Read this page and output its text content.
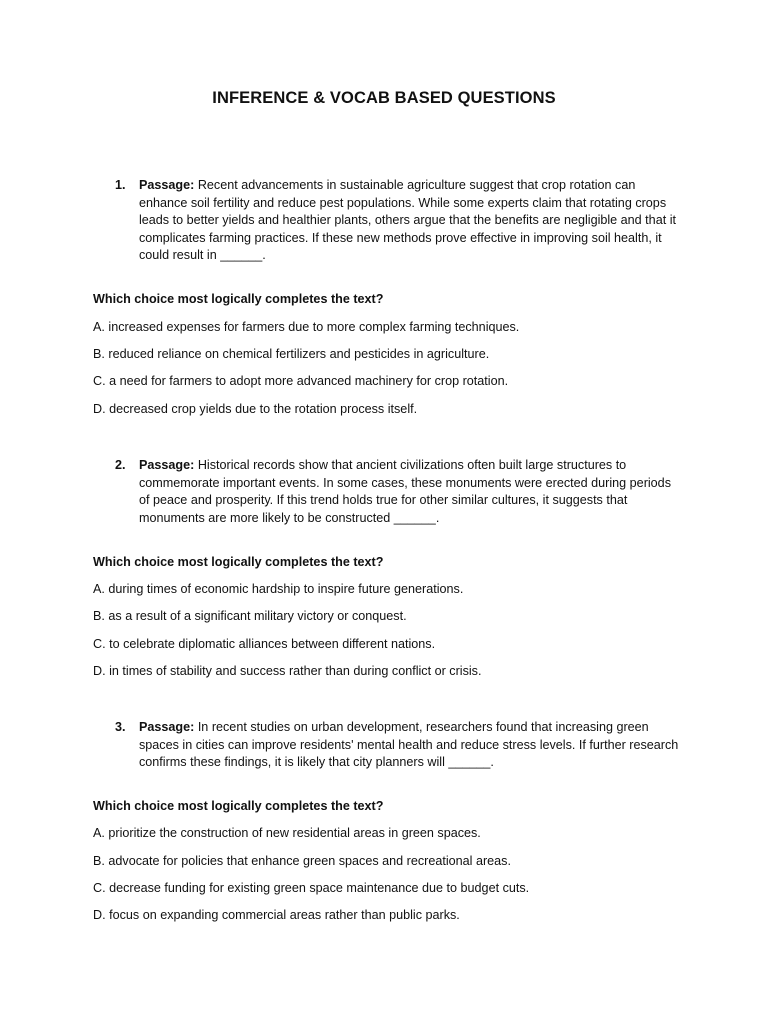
INFERENCE & VOCAB BASED QUESTIONS
1. Passage: Recent advancements in sustainable agriculture suggest that crop rotation can enhance soil fertility and reduce pest populations. While some experts claim that rotating crops leads to better yields and healthier plants, others argue that the benefits are negligible and that it complicates farming practices. If these new methods prove effective in improving soil health, it could result in ______.

Which choice most logically completes the text?

A. increased expenses for farmers due to more complex farming techniques.

B. reduced reliance on chemical fertilizers and pesticides in agriculture.

C. a need for farmers to adopt more advanced machinery for crop rotation.

D. decreased crop yields due to the rotation process itself.

2. Passage: Historical records show that ancient civilizations often built large structures to commemorate important events. In some cases, these monuments were erected during periods of peace and prosperity. If this trend holds true for other similar cultures, it suggests that monuments are more likely to be constructed ______.

Which choice most logically completes the text?

A. during times of economic hardship to inspire future generations.

B. as a result of a significant military victory or conquest.

C. to celebrate diplomatic alliances between different nations.

D. in times of stability and success rather than during conflict or crisis.

3. Passage: In recent studies on urban development, researchers found that increasing green spaces in cities can improve residents' mental health and reduce stress levels. If further research confirms these findings, it is likely that city planners will ______.

Which choice most logically completes the text?

A. prioritize the construction of new residential areas in green spaces.

B. advocate for policies that enhance green spaces and recreational areas.

C. decrease funding for existing green space maintenance due to budget cuts.

D. focus on expanding commercial areas rather than public parks.
